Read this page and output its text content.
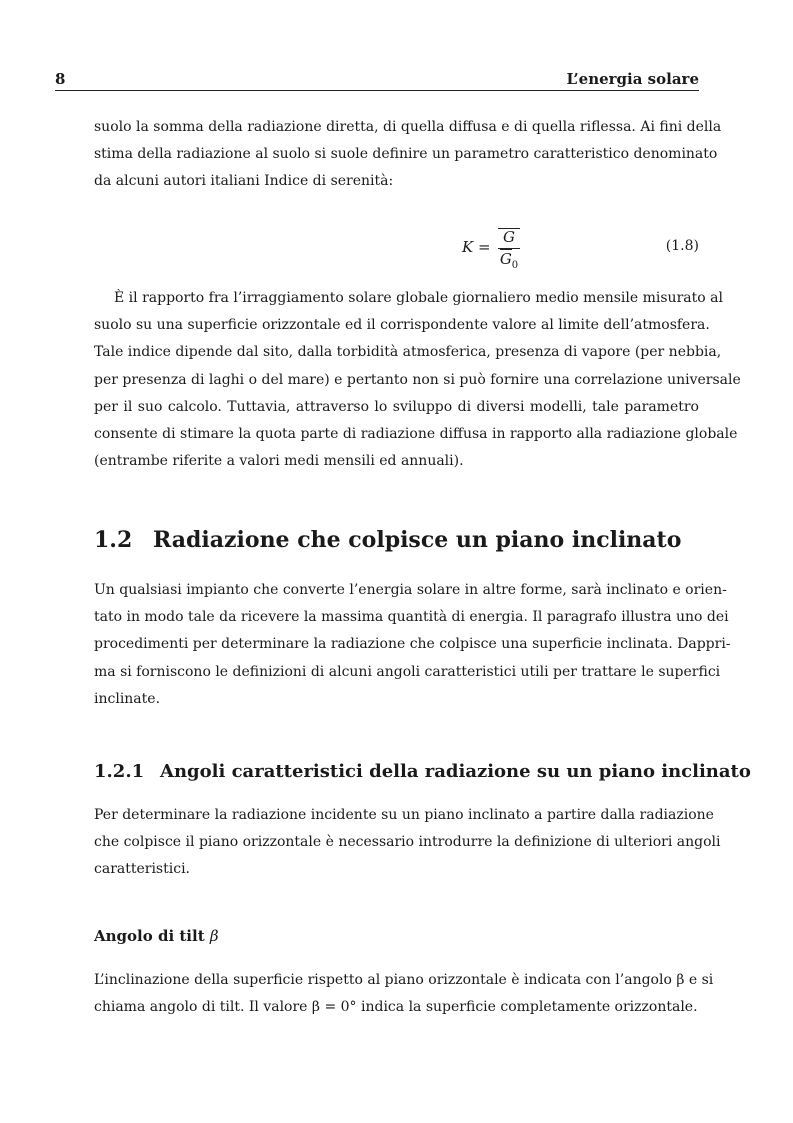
8	L’energia solare

suolo la somma della radiazione diretta, di quella diffusa e di quella riflessa. Ai fini della
stima della radiazione al suolo si suole definire un parametro caratteristico denominato
da alcuni autori italiani Indice di serenità:

K =
G
$G_0$
(1.8)

È il rapporto fra l’irraggiamento solare globale giornaliero medio mensile misurato al
suolo su una superficie orizzontale ed il corrispondente valore al limite dell’atmosfera.
Tale indice dipende dal sito, dalla torbidità atmosferica, presenza di vapore (per nebbia,
per presenza di laghi o del mare) e pertanto non si può fornire una correlazione universale
per il suo calcolo. Tuttavia, attraverso lo sviluppo di diversi modelli, tale parametro
consente di stimare la quota parte di radiazione diffusa in rapporto alla radiazione globale
(entrambe riferite a valori medi mensili ed annuali).

1.2 Radiazione che colpisce un piano inclinato

Un qualsiasi impianto che converte l’energia solare in altre forme, sarà inclinato e orien-
tato in modo tale da ricevere la massima quantità di energia. Il paragrafo illustra uno dei
procedimenti per determinare la radiazione che colpisce una superficie inclinata. Dappri-
ma si forniscono le definizioni di alcuni angoli caratteristici utili per trattare le superfici
inclinate.

1.2.1 Angoli caratteristici della radiazione su un piano inclinato

Per determinare la radiazione incidente su un piano inclinato a partire dalla radiazione
che colpisce il piano orizzontale è necessario introdurre la definizione di ulteriori angoli
caratteristici.

Angolo di tilt β

L’inclinazione della superficie rispetto al piano orizzontale è indicata con l’angolo β e si
chiama angolo di tilt. Il valore β = 0° indica la superficie completamente orizzontale.
